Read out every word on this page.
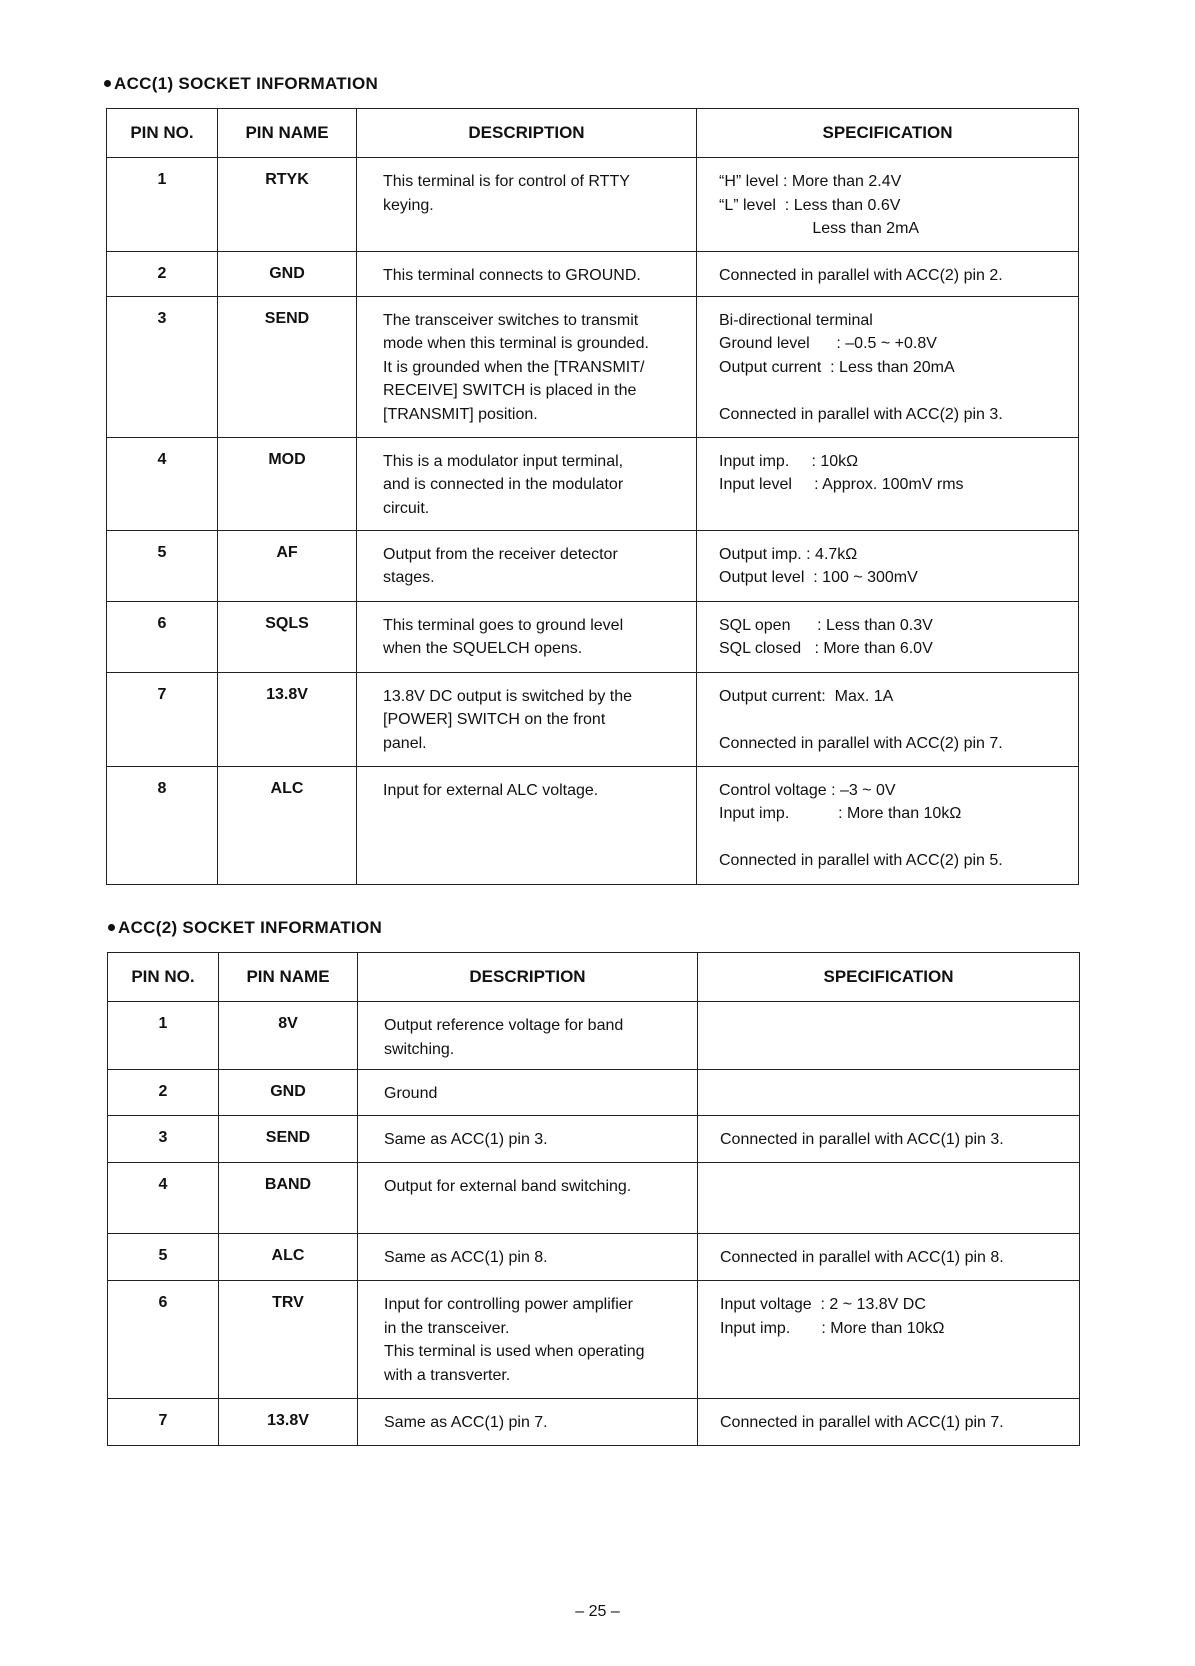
ACC(1) SOCKET INFORMATION
PIN NO.	PIN NAME	DESCRIPTION	SPECIFICATION
1	RTYK	This terminal is for control of RTTY
keying.	“H” level : More than 2.4V
“L” level  : Less than 0.6V
Less than 2mA

2	GND	This terminal connects to GROUND.	Connected in parallel with ACC(2) pin 2.

3	SEND	The transceiver switches to transmit
mode when this terminal is grounded.
It is grounded when the [TRANSMIT/
RECEIVE] SWITCH is placed in the
[TRANSMIT] position.	Bi-directional terminal
Ground level      : –0.5 ~ +0.8V
Output current  : Less than 20mA
Connected in parallel with ACC(2) pin 3.

4	MOD	This is a modulator input terminal,
and is connected in the modulator
circuit.	Input imp.     : 10kΩ
Input level     : Approx. 100mV rms

5	AF	Output from the receiver detector
stages.	Output imp. : 4.7kΩ
Output level  : 100 ~ 300mV

6	SQLS	This terminal goes to ground level
when the SQUELCH opens.	SQL open      : Less than 0.3V
SQL closed   : More than 6.0V

7	13.8V	13.8V DC output is switched by the
[POWER] SWITCH on the front
panel.	Output current:  Max. 1A
Connected in parallel with ACC(2) pin 7.

8	ALC	Input for external ALC voltage.	Control voltage : –3 ~ 0V
Input imp.           : More than 10kΩ
Connected in parallel with ACC(2) pin 5.
ACC(2) SOCKET INFORMATION
PIN NO.	PIN NAME	DESCRIPTION	SPECIFICATION
1	8V	Output reference voltage for band
switching.	

2	GND	Ground	

3	SEND	Same as ACC(1) pin 3.	Connected in parallel with ACC(1) pin 3.

4	BAND	Output for external band switching.	

5	ALC	Same as ACC(1) pin 8.	Connected in parallel with ACC(1) pin 8.

6	TRV	Input for controlling power amplifier
in the transceiver.
This terminal is used when operating
with a transverter.	Input voltage  : 2 ~ 13.8V DC
Input imp.       : More than 10kΩ

7	13.8V	Same as ACC(1) pin 7.	Connected in parallel with ACC(1) pin 7.
– 25 –
